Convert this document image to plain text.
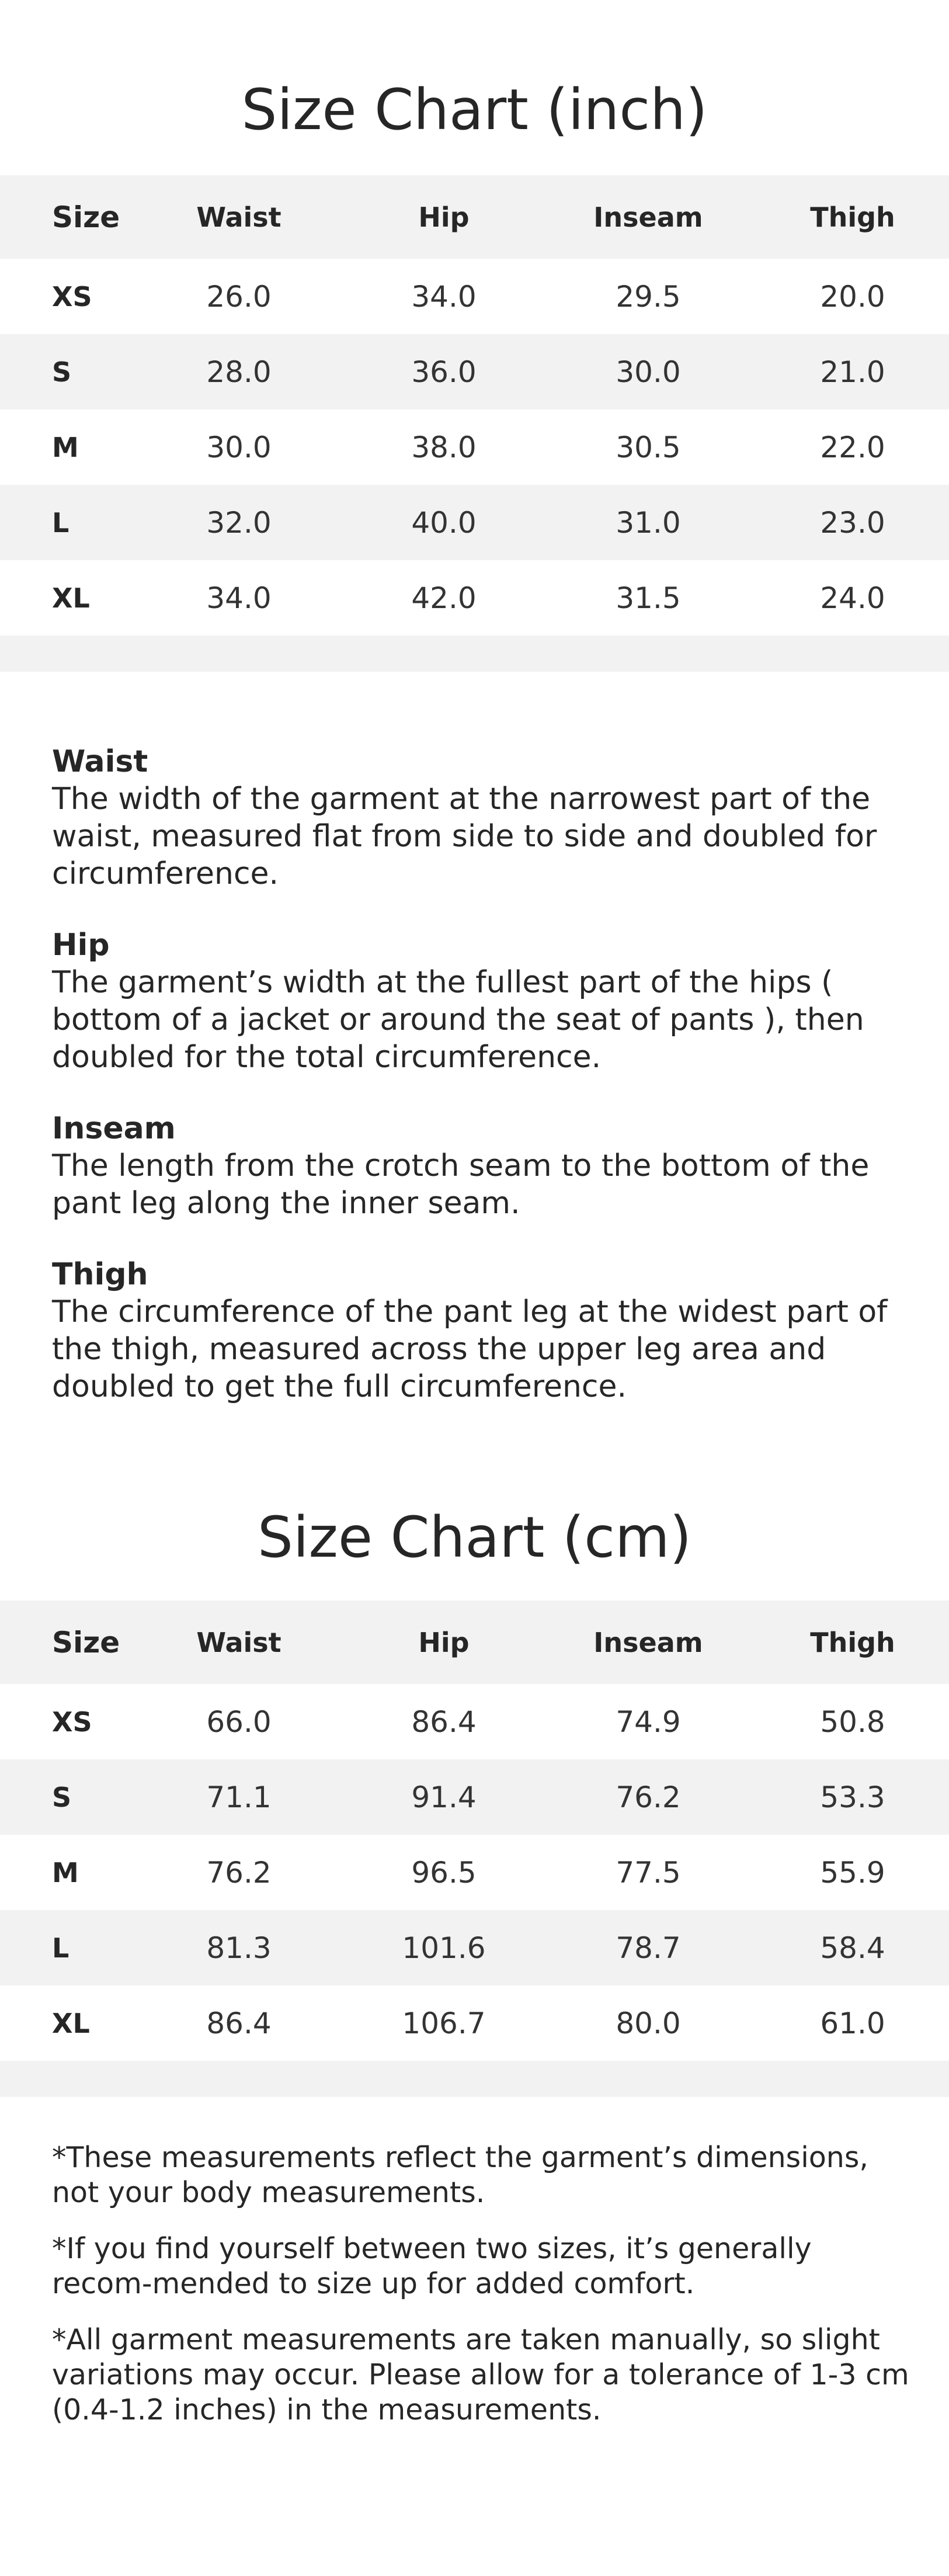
Size Chart (inch)
Size	Waist	Hip	Inseam	Thigh
XS	26.0	34.0	29.5	20.0
S	28.0	36.0	30.0	21.0
M	30.0	38.0	30.5	22.0
L	32.0	40.0	31.0	23.0
XL	34.0	42.0	31.5	24.0

Waist

The width of the garment at the narrowest part of the waist, measured flat from side to side and doubled for circumference.

Hip

The garment’s width at the fullest part of the hips ( bottom of a jacket or around the seat of pants ), then doubled for the total circumference.

Inseam

The length from the crotch seam to the bottom of the pant leg along the inner seam.

Thigh

The circumference of the pant leg at the widest part of the thigh, measured across the upper leg area and doubled to get the full circumference.

Size Chart (cm)
Size	Waist	Hip	Inseam	Thigh
XS	66.0	86.4	74.9	50.8
S	71.1	91.4	76.2	53.3
M	76.2	96.5	77.5	55.9
L	81.3	101.6	78.7	58.4
XL	86.4	106.7	80.0	61.0

*These measurements reflect the garment’s dimensions, not your body measurements.

*If you find yourself between two sizes, it’s generally recom-mended to size up for added comfort.

*All garment measurements are taken manually, so slight variations may occur. Please allow for a tolerance of 1-3 cm (0.4-1.2 inches) in the measurements.
